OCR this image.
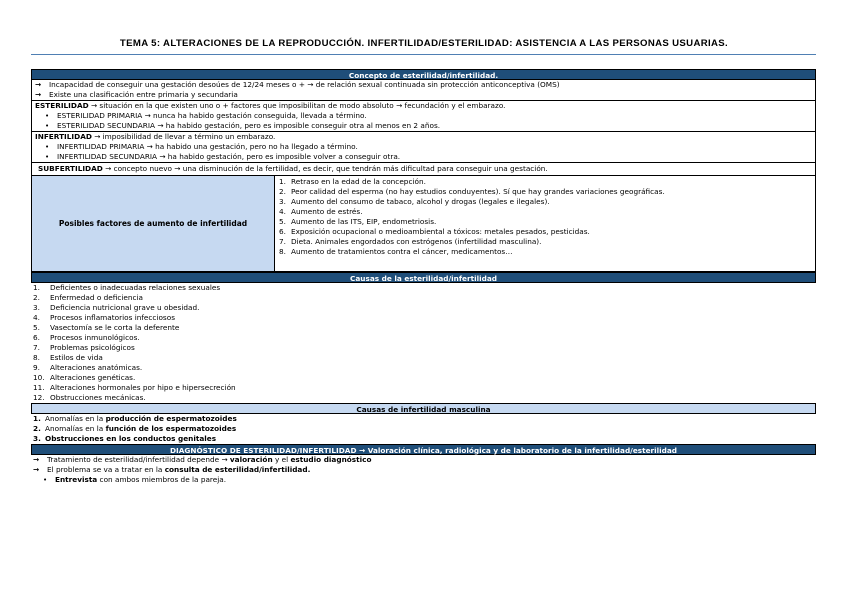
TEMA 5: ALTERACIONES DE LA REPRODUCCIÓN. INFERTILIDAD/ESTERILIDAD: ASISTENCIA A LAS PERSONAS USUARIAS.
Concepto de esterilidad/infertilidad.
→ Incapacidad de conseguir una gestación desoúes de 12/24 meses o + → de relación sexual continuada sin protección anticonceptiva (OMS)
→ Existe una clasificación entre primaria y secundaria
ESTERILIDAD → situación en la que existen uno o + factores que imposibilitan de modo absoluto → fecundación y el embarazo.
• ESTERILIDAD PRIMARIA → nunca ha habido gestación conseguida, llevada a término.
• ESTERILIDAD SECUNDARIA → ha habido gestación, pero es imposible conseguir otra al menos en 2 años.
INFERTILIDAD → imposibilidad de llevar a término un embarazo.
• INFERTILIDAD PRIMARIA → ha habido una gestación, pero no ha llegado a término.
• INFERTILIDAD SECUNDARIA → ha habido gestación, pero es imposible volver a conseguir otra.
SUBFERTILIDAD → concepto nuevo → una disminución de la fertilidad, es decir, que tendrán más dificultad para conseguir una gestación.
Posibles factores de aumento de infertilidad
1. Retraso en la edad de la concepción.
2. Peor calidad del esperma (no hay estudios conduyentes). Sí que hay grandes variaciones geográficas.
3. Aumento del consumo de tabaco, alcohol y drogas (legales e ilegales).
4. Aumento de estrés.
5. Aumento de las ITS, EIP, endometriosis.
6. Exposición ocupacional o medioambiental a tóxicos: metales pesados, pesticidas.
7. Dieta. Animales engordados con estrógenos (infertilidad masculina).
8. Aumento de tratamientos contra el cáncer, medicamentos…
Causas de la esterilidad/infertilidad
1. Deficientes o inadecuadas relaciones sexuales
2. Enfermedad o deficiencia
3. Deficiencia nutricional grave u obesidad.
4. Procesos inflamatorios infecciosos
5. Vasectomía se le corta la deferente
6. Procesos inmunológicos.
7. Problemas psicológicos
8. Estilos de vida
9. Alteraciones anatómicas.
10. Alteraciones genéticas.
11. Alteraciones hormonales por hipo e hipersecreción
12. Obstrucciones mecánicas.
Causas de infertilidad masculina
1. Anomalías en la producción de espermatozoides
2. Anomalías en la función de los espermatozoides
3. Obstrucciones en los conductos genitales
DIAGNÓSTICO DE ESTERILIDAD/INFERTILIDAD → Valoración clínica, radiológica y de laboratorio de la infertilidad/esterilidad
→ Tratamiento de esterilidad/infertilidad depende → valoración y el estudio diagnóstico
→ El problema se va a tratar en la consulta de esterilidad/infertilidad.
• Entrevista con ambos miembros de la pareja.
